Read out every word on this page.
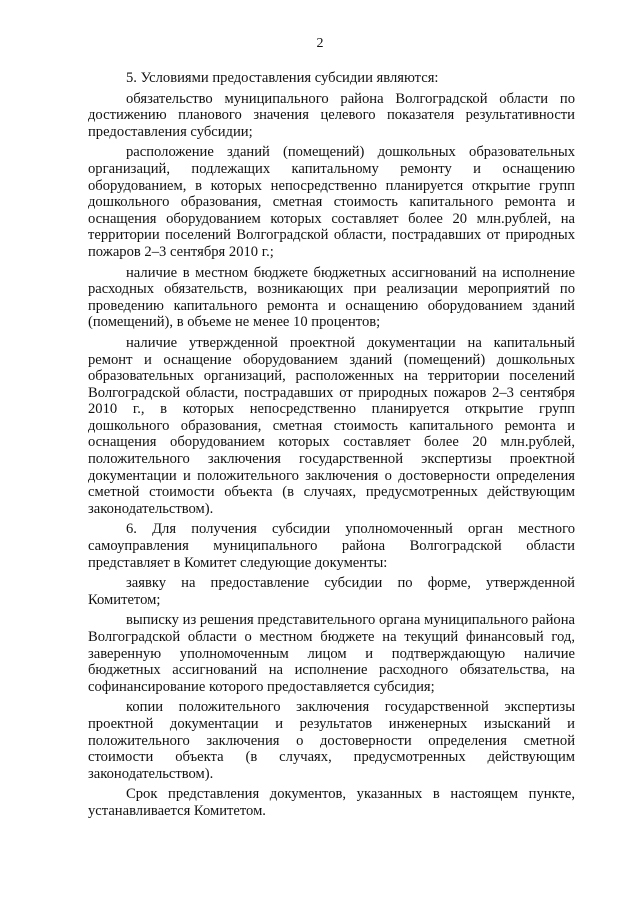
2

5. Условиями предоставления субсидии являются:

обязательство муниципального района Волгоградской области по достижению планового значения целевого показателя результативности предоставления субсидии;

расположение зданий (помещений) дошкольных образовательных организаций, подлежащих капитальному ремонту и оснащению оборудованием, в которых непосредственно планируется открытие групп дошкольного образования, сметная стоимость капитального ремонта и оснащения оборудованием которых составляет более 20 млн.рублей, на территории поселений Волгоградской области, пострадавших от природных пожаров 2–3 сентября 2010 г.;

наличие в местном бюджете бюджетных ассигнований на исполнение расходных обязательств, возникающих при реализации мероприятий по проведению капитального ремонта и оснащению оборудованием зданий (помещений), в объеме не менее 10 процентов;

наличие утвержденной проектной документации на капитальный ремонт и оснащение оборудованием зданий (помещений) дошкольных образовательных организаций, расположенных на территории поселений Волгоградской области, пострадавших от природных пожаров 2–3 сентября 2010 г., в которых непосредственно планируется открытие групп дошкольного образования, сметная стоимость капитального ремонта и оснащения оборудованием которых составляет более 20 млн.рублей, положительного заключения государственной экспертизы проектной документации и положительного заключения о достоверности определения сметной стоимости объекта (в случаях, предусмотренных действующим законодательством).

6. Для получения субсидии уполномоченный орган местного самоуправления муниципального района Волгоградской области представляет в Комитет следующие документы:

заявку на предоставление субсидии по форме, утвержденной Комитетом;

выписку из решения представительного органа муниципального района Волгоградской области о местном бюджете на текущий финансовый год, заверенную уполномоченным лицом и подтверждающую наличие бюджетных ассигнований на исполнение расходного обязательства, на софинансирование которого предоставляется субсидия;

копии положительного заключения государственной экспертизы проектной документации и результатов инженерных изысканий и положительного заключения о достоверности определения сметной стоимости объекта (в случаях, предусмотренных действующим законодательством).

Срок представления документов, указанных в настоящем пункте, устанавливается Комитетом.
